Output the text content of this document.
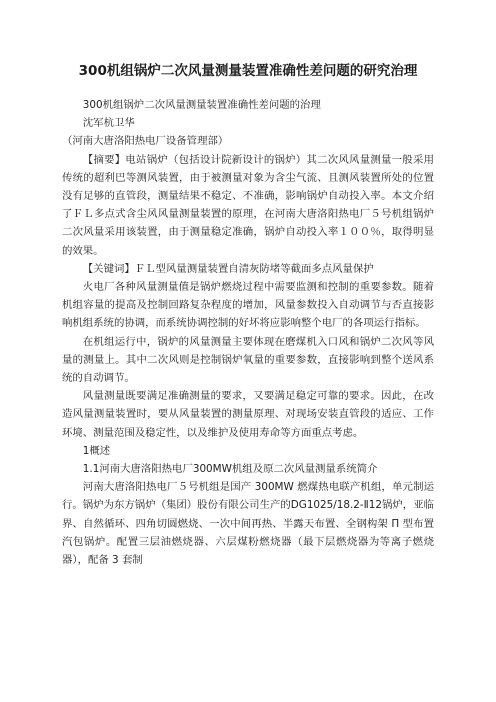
300机组锅炉二次风量测量装置准确性差问题的研究治理

300机组锅炉二次风量测量装置准确性差问题的治理

沈军杭卫华

（河南大唐洛阳热电厂设备管理部）

【摘要】电站锅炉（包括设计院新设计的锅炉）其二次风风量测量一般采用传统的超利巴等测风装置，由于被测量对象为含尘气流、且测风装置所处的位置没有足够的直管段，测量结果不稳定、不准确，影响锅炉自动投入率。本文介绍了ＦＬ多点式含尘风风量测量装置的原理，在河南大唐洛阳热电厂５号机组锅炉二次风量采用该装置，由于测量稳定准确，锅炉自动投入率１００％，取得明显的效果。

【关键词】ＦＬ型风量测量装置自清灰防堵等截面多点风量保护

火电厂各种风量测量值是锅炉燃烧过程中需要监测和控制的重要参数。随着机组容量的提高及控制回路复杂程度的增加，风量参数投入自动调节与否直接影响机组系统的协调，而系统协调控制的好坏将应影响整个电厂的各项运行指标。

在机组运行中，锅炉的风量测量主要体现在磨煤机入口风和锅炉二次风等风量的测量上。其中二次风则是控制锅炉氧量的重要参数，直接影响到整个送风系统的自动调节。

风量测量既要满足准确测量的要求，又要满足稳定可靠的要求。因此，在改造风量测量装置时，要从风量装置的测量原理、对现场安装直管段的适应、工作环境、测量范围及稳定性，以及维护及使用寿命等方面重点考虑。

1概述

1.1河南大唐洛阳热电厂300MW机组及原二次风量测量系统简介

河南大唐洛阳热电厂５号机组是国产 300MW 燃煤热电联产机组，单元制运行。锅炉为东方锅炉（集团）股份有限公司生产的DG1025/18.2-Ⅱ12锅炉，亚临界、自然循环、四角切圆燃烧、一次中间再热、半露天布置、全钢构架 Π 型布置汽包锅炉。配置三层油燃烧器、六层煤粉燃烧器（最下层燃烧器为等离子燃烧器），配备 3 套制
